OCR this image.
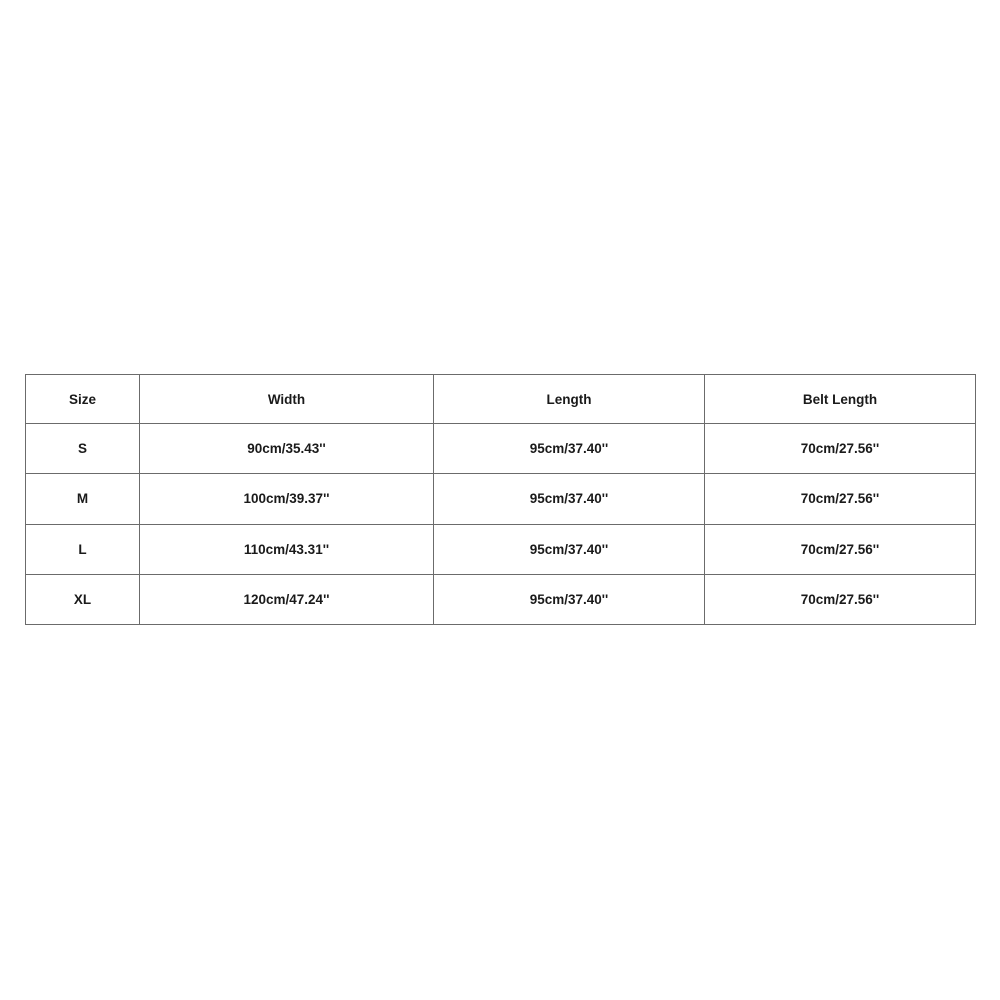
Size	Width	Length	Belt Length
S	90cm/35.43''	95cm/37.40''	70cm/27.56''
M	100cm/39.37''	95cm/37.40''	70cm/27.56''
L	110cm/43.31''	95cm/37.40''	70cm/27.56''
XL	120cm/47.24''	95cm/37.40''	70cm/27.56''
